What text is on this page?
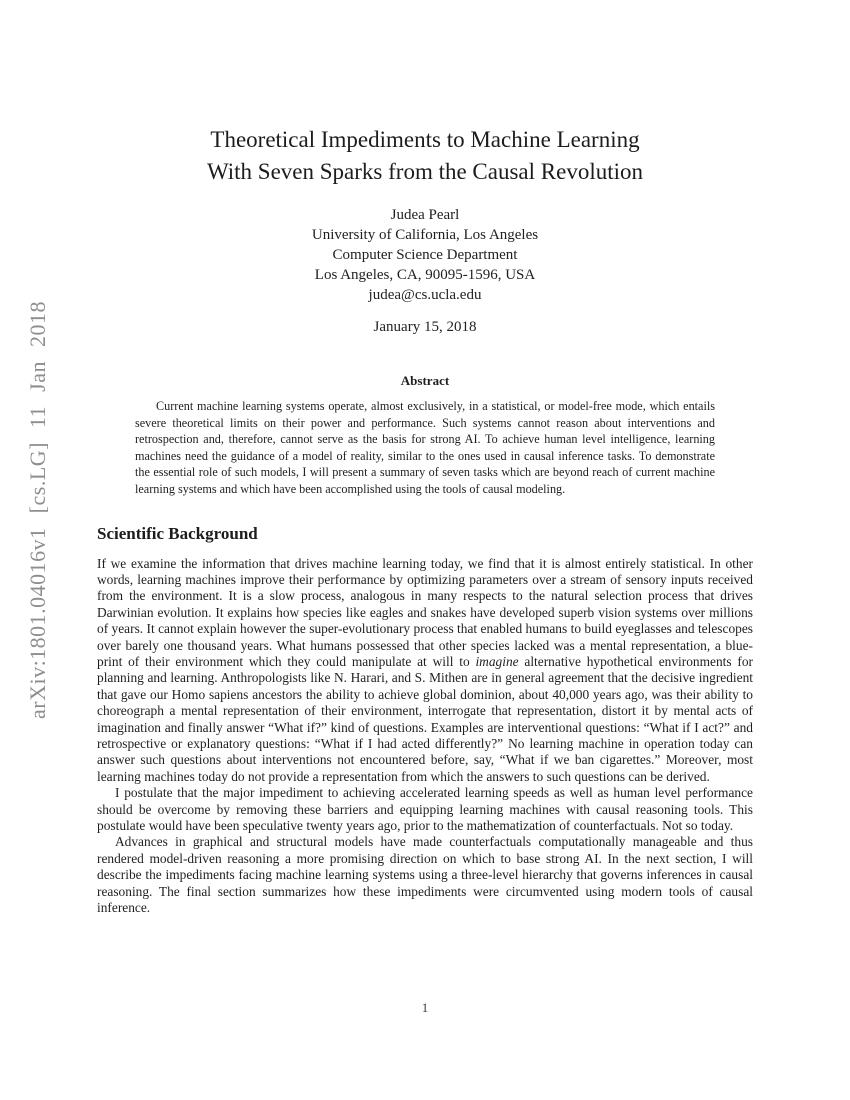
arXiv:1801.04016v1 [cs.LG] 11 Jan 2018
Theoretical Impediments to Machine Learning
With Seven Sparks from the Causal Revolution
Judea Pearl
University of California, Los Angeles
Computer Science Department
Los Angeles, CA, 90095-1596, USA
judea@cs.ucla.edu
January 15, 2018
Abstract
Current machine learning systems operate, almost exclusively, in a statistical, or model-free mode, which entails severe theoretical limits on their power and performance. Such systems cannot reason about interventions and retrospection and, therefore, cannot serve as the basis for strong AI. To achieve human level intelligence, learning machines need the guidance of a model of reality, similar to the ones used in causal inference tasks. To demonstrate the essential role of such models, I will present a summary of seven tasks which are beyond reach of current machine learning systems and which have been accomplished using the tools of causal modeling.
Scientific Background

If we examine the information that drives machine learning today, we find that it is almost entirely statistical. In other words, learning machines improve their performance by optimizing parameters over a stream of sensory inputs received from the environment. It is a slow process, analogous in many respects to the natural selection process that drives Darwinian evolution. It explains how species like eagles and snakes have developed superb vision systems over millions of years. It cannot explain however the super-evolutionary process that enabled humans to build eyeglasses and telescopes over barely one thousand years. What humans possessed that other species lacked was a mental representation, a blue-print of their environment which they could manipulate at will to imagine alternative hypothetical environments for planning and learning. Anthropologists like N. Harari, and S. Mithen are in general agreement that the decisive ingredient that gave our Homo sapiens ancestors the ability to achieve global dominion, about 40,000 years ago, was their ability to choreograph a mental representation of their environment, interrogate that representation, distort it by mental acts of imagination and finally answer “What if?” kind of questions. Examples are interventional questions: “What if I act?” and retrospective or explanatory questions: “What if I had acted differently?” No learning machine in operation today can answer such questions about interventions not encountered before, say, “What if we ban cigarettes.” Moreover, most learning machines today do not provide a representation from which the answers to such questions can be derived.

I postulate that the major impediment to achieving accelerated learning speeds as well as human level performance should be overcome by removing these barriers and equipping learning machines with causal reasoning tools. This postulate would have been speculative twenty years ago, prior to the mathematization of counterfactuals. Not so today.

Advances in graphical and structural models have made counterfactuals computationally manageable and thus rendered model-driven reasoning a more promising direction on which to base strong AI. In the next section, I will describe the impediments facing machine learning systems using a three-level hierarchy that governs inferences in causal reasoning. The final section summarizes how these impediments were circumvented using modern tools of causal inference.

1
